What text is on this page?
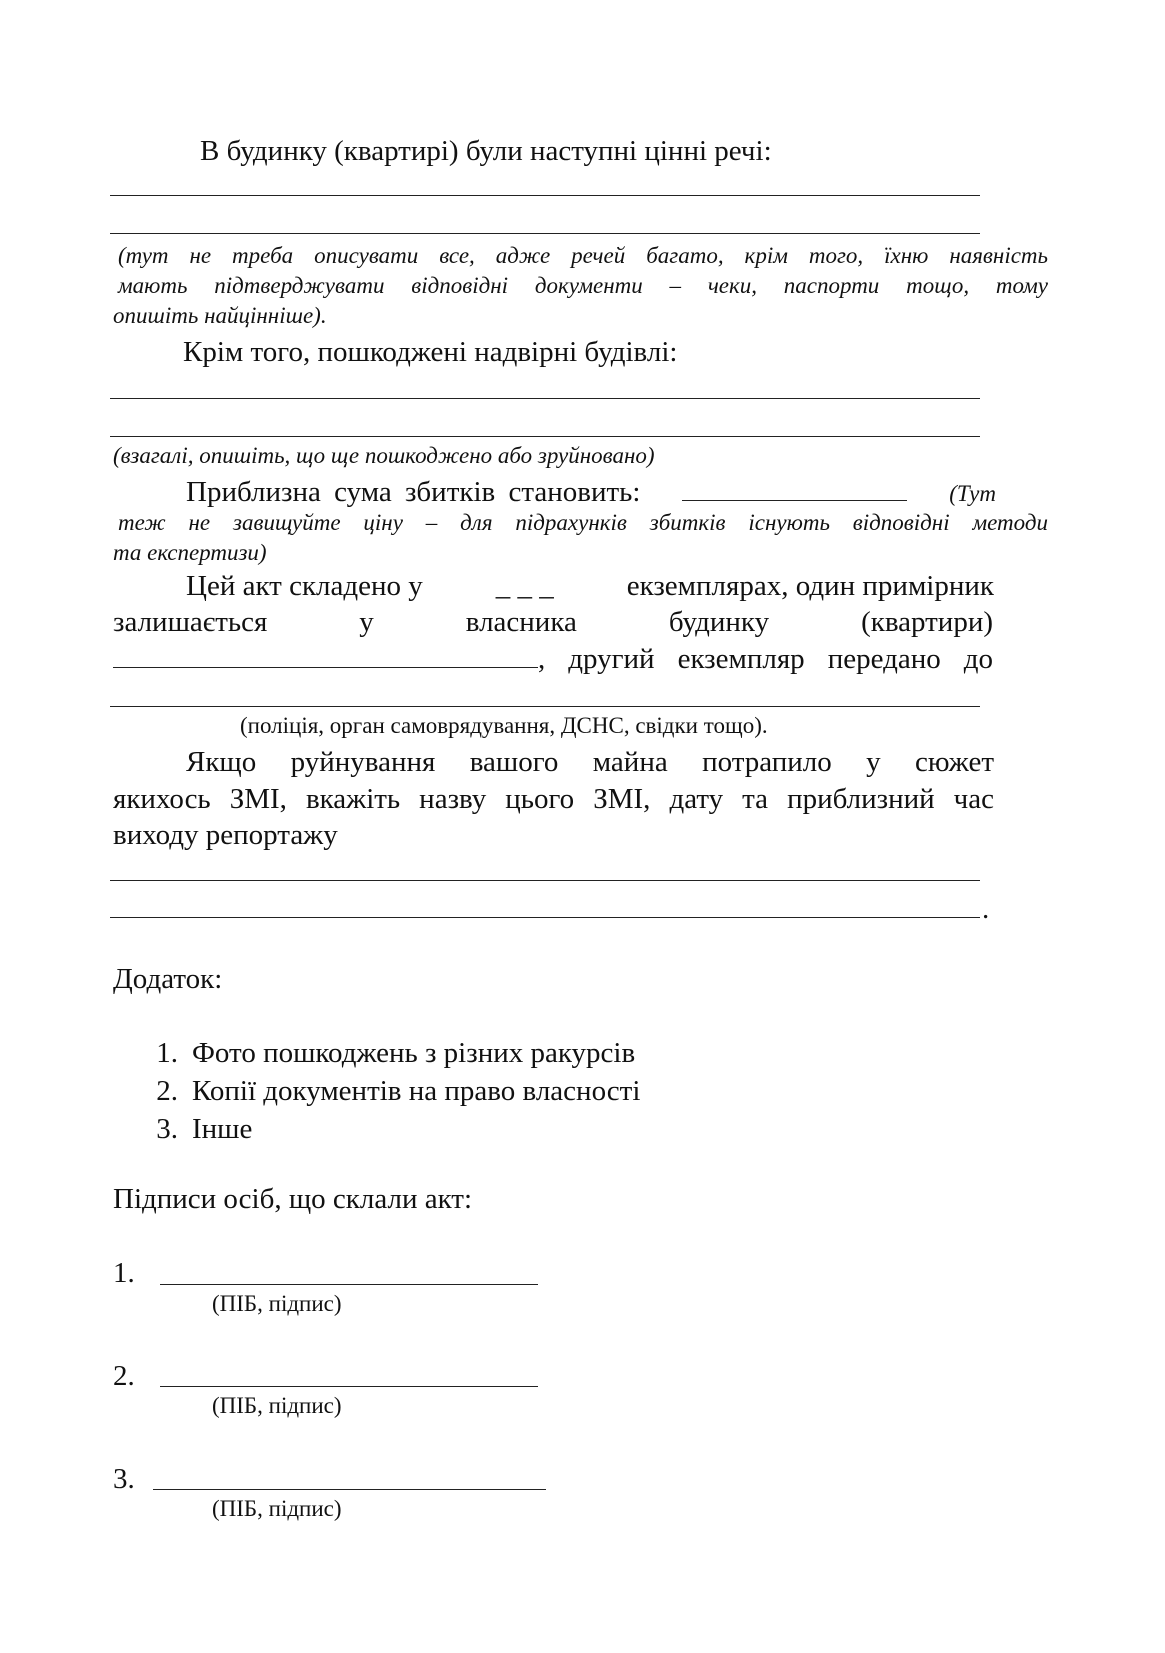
В будинку (квартирі) були наступні цінні речі:

(тут не треба описувати все, адже речей багато, крім того, їхню наявність

мають підтверджувати відповідні документи – чеки, паспорти тощо, тому

опишіть найцінніше).

Крім того, пошкоджені надвірні будівлі:

(взагалі, опишіть, що ще пошкоджено або зруйновано)

Приблизна сума збитків становить:	(Тут

теж не завищуйте ціну – для підрахунків збитків існують відповідні методи

та експертизи)

Цей акт складено у	_ _ _	екземплярах, один примірник

залишається у власника будинку (квартири)

, другий екземпляр передано до

(поліція, орган самоврядування, ДСНС, свідки тощо).

Якщо руйнування вашого майна потрапило у сюжет

якихось ЗМІ, вкажіть назву цього ЗМІ, дату та приблизний час

виходу репортажу

.

Додаток:

1. Фото пошкоджень з різних ракурсів
2. Копії документів на право власності
3. Інше

Підписи осіб, що склали акт:

1.

(ПІБ, підпис)

2.

(ПІБ, підпис)

3.

(ПІБ, підпис)
